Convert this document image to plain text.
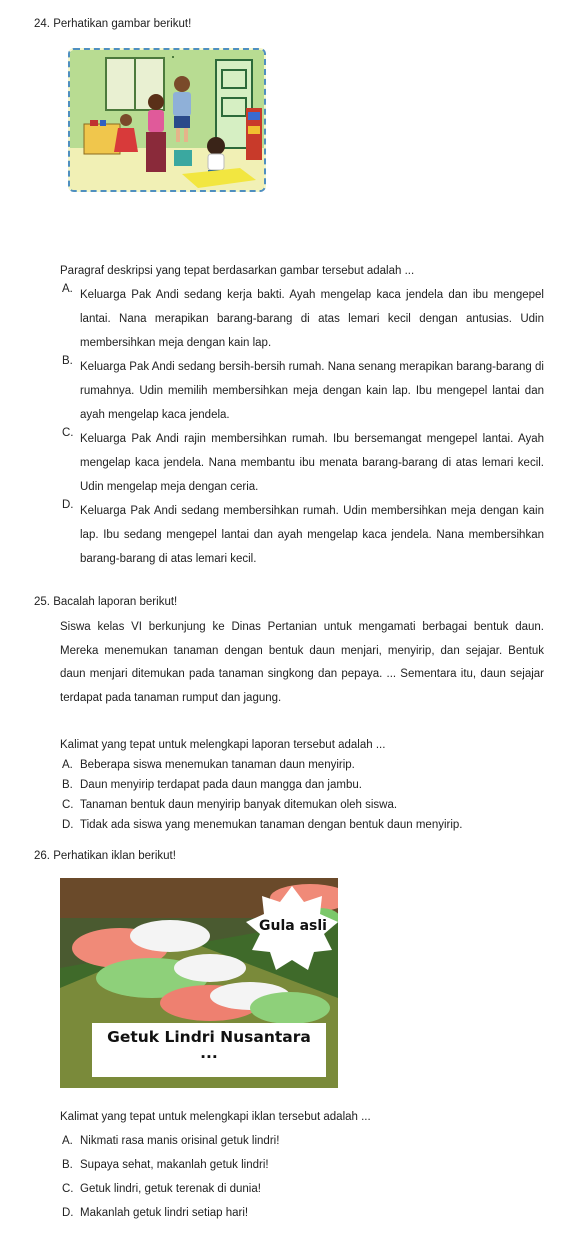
24. Perhatikan gambar berikut!
Paragraf deskripsi yang tepat berdasarkan gambar tersebut adalah ...
A. Keluarga Pak Andi sedang kerja bakti. Ayah mengelap kaca jendela dan ibu mengepel lantai. Nana merapikan barang-barang di atas lemari kecil dengan antusias. Udin membersihkan meja dengan kain lap.
B. Keluarga Pak Andi sedang bersih-bersih rumah. Nana senang merapikan barang-barang di rumahnya. Udin memilih membersihkan meja dengan kain lap. Ibu mengepel lantai dan ayah mengelap kaca jendela.
C. Keluarga Pak Andi rajin membersihkan rumah. Ibu bersemangat mengepel lantai. Ayah mengelap kaca jendela. Nana membantu ibu menata barang-barang di atas lemari kecil. Udin mengelap meja dengan ceria.
D. Keluarga Pak Andi sedang membersihkan rumah. Udin membersihkan meja dengan kain lap. Ibu sedang mengepel lantai dan ayah mengelap kaca jendela. Nana membersihkan barang-barang di atas lemari kecil.
25. Bacalah laporan berikut!
Siswa kelas VI berkunjung ke Dinas Pertanian untuk mengamati berbagai bentuk daun. Mereka menemukan tanaman dengan bentuk daun menjari, menyirip, dan sejajar. Bentuk daun menjari ditemukan pada tanaman singkong dan pepaya. ... Sementara itu, daun sejajar terdapat pada tanaman rumput dan jagung.
Kalimat yang tepat untuk melengkapi laporan tersebut adalah ...
A. Beberapa siswa menemukan tanaman daun menyirip.
B. Daun menyirip terdapat pada daun mangga dan jambu.
C. Tanaman bentuk daun menyirip banyak ditemukan oleh siswa.
D. Tidak ada siswa yang menemukan tanaman dengan bentuk daun menyirip.
26. Perhatikan iklan berikut!
Gula asli
Getuk Lindri Nusantara
...
Kalimat yang tepat untuk melengkapi iklan tersebut adalah ...
A. Nikmati rasa manis orisinal getuk lindri!
B. Supaya sehat, makanlah getuk lindri!
C. Getuk lindri, getuk terenak di dunia!
D. Makanlah getuk lindri setiap hari!
